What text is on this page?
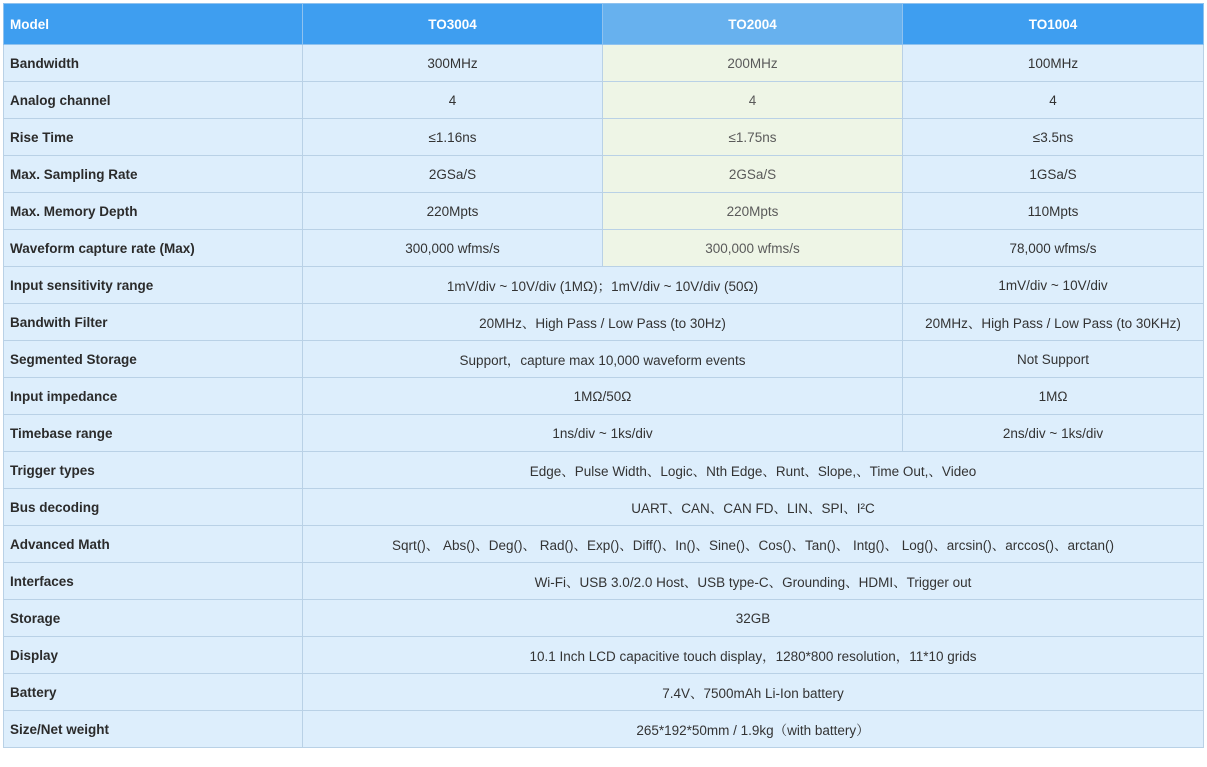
Model	TO3004	TO2004	TO1004
Bandwidth	300MHz	200MHz	100MHz
Analog channel	4	4	4
Rise Time	≤1.16ns	≤1.75ns	≤3.5ns
Max. Sampling Rate	2GSa/S	2GSa/S	1GSa/S
Max. Memory Depth	220Mpts	220Mpts	110Mpts
Waveform capture rate (Max)	300,000 wfms/s	300,000 wfms/s	78,000 wfms/s
Input sensitivity range	1mV/div ~ 10V/div (1MΩ)；1mV/div ~ 10V/div (50Ω)		1mV/div ~ 10V/div
Bandwith Filter	20MHz、High Pass / Low Pass (to 30Hz)		20MHz、High Pass / Low Pass (to 30KHz)
Segmented Storage	Support，capture max 10,000 waveform events		Not Support
Input impedance	1MΩ/50Ω		1MΩ
Timebase range	1ns/div ~ 1ks/div		2ns/div ~ 1ks/div
Trigger types	Edge、Pulse Width、Logic、Nth Edge、Runt、Slope,、Time Out,、Video		
Bus decoding	UART、CAN、CAN FD、LIN、SPI、I²C		
Advanced Math	Sqrt()、 Abs()、Deg()、 Rad()、Exp()、Diff()、In()、Sine()、Cos()、Tan()、 Intg()、 Log()、arcsin()、arccos()、arctan()		
Interfaces	Wi-Fi、USB 3.0/2.0 Host、USB type-C、Grounding、HDMI、Trigger out		
Storage	32GB		
Display	10.1 Inch LCD capacitive touch display，1280*800 resolution，11*10 grids		
Battery	7.4V、7500mAh Li-Ion battery		
Size/Net weight	265*192*50mm / 1.9kg（with battery）		
